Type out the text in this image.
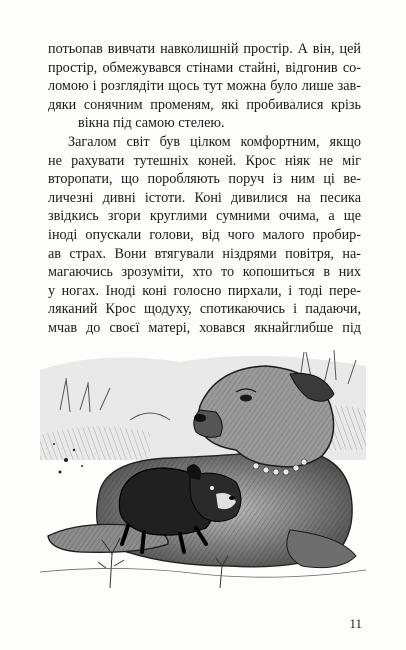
потьопав вивчати навколишній простір. А він, цей
простір, обмежувався стінами стайні, відгонив со-
ломою і розглядіти щось тут можна було лише зав-
дяки сонячним променям, які пробивалися крізь
вікна під самою стелею.
Загалом світ був цілком комфортним, якщо
не рахувати тутешніх коней. Крос ніяк не міг
второпати, що поробляють поруч із ним ці ве-
личезні дивні істоти. Коні дивилися на песика
звідкись згори круглими сумними очима, а ще
іноді опускали голови, від чого малого пробир-
ав страх. Вони втягували ніздрями повітря, на-
магаючись зрозуміти, хто то копошиться в них
у ногах. Іноді коні голосно пирхали, і тоді пере-
ляканий Крос щодуху, спотикаючись і падаючи,
мчав до своєї матері, ховався якнайглибше під
11
